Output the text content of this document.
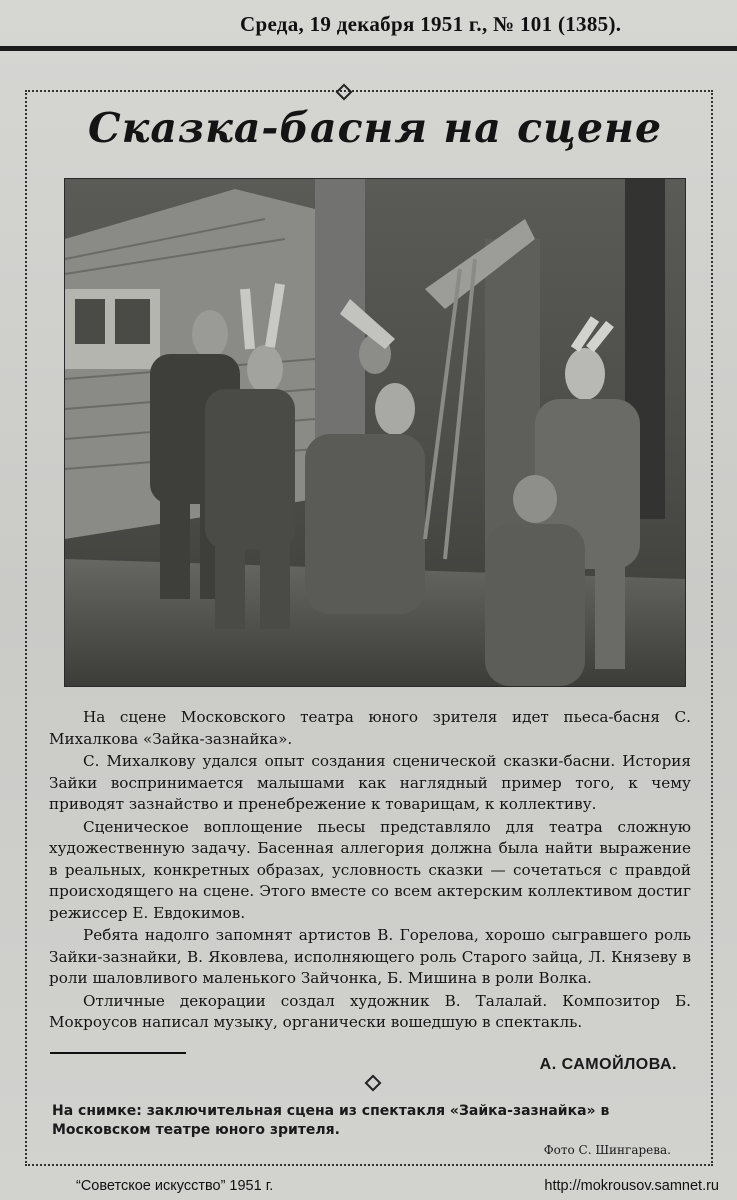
Среда, 19 декабря 1951 г., № 101 (1385).
Сказка-басня на сцене

На сцене Московского театра юного зрителя идет пьеса-басня С. Михалкова «Зайка-зазнайка».

С. Михалкову удался опыт создания сценической сказки-басни. История Зайки воспринимается малышами как наглядный пример того, к чему приводят зазнайство и пренебрежение к товарищам, к коллективу.

Сценическое воплощение пьесы представляло для театра сложную художественную задачу. Басенная аллегория должна была найти выражение в реальных, конкретных образах, условность сказки — сочетаться с правдой происходящего на сцене. Этого вместе со всем актерским коллективом достиг режиссер Е. Евдокимов.

Ребята надолго запомнят артистов В. Горелова, хорошо сыгравшего роль Зайки-зазнайки, В. Яковлева, исполняющего роль Старого зайца, Л. Князеву в роли шаловливого маленького Зайчонка, Б. Мишина в роли Волка.

Отличные декорации создал художник В. Талалай. Композитор Б. Мокроусов написал музыку, органически вошедшую в спектакль.

А. САМОЙЛОВА.
На снимке: заключительная сцена из спектакля «Зайка-зазнайка» в Московском театре юного зрителя.
Фото С. Шингарева.
“Советское искусство” 1951 г.	http://mokrousov.samnet.ru
